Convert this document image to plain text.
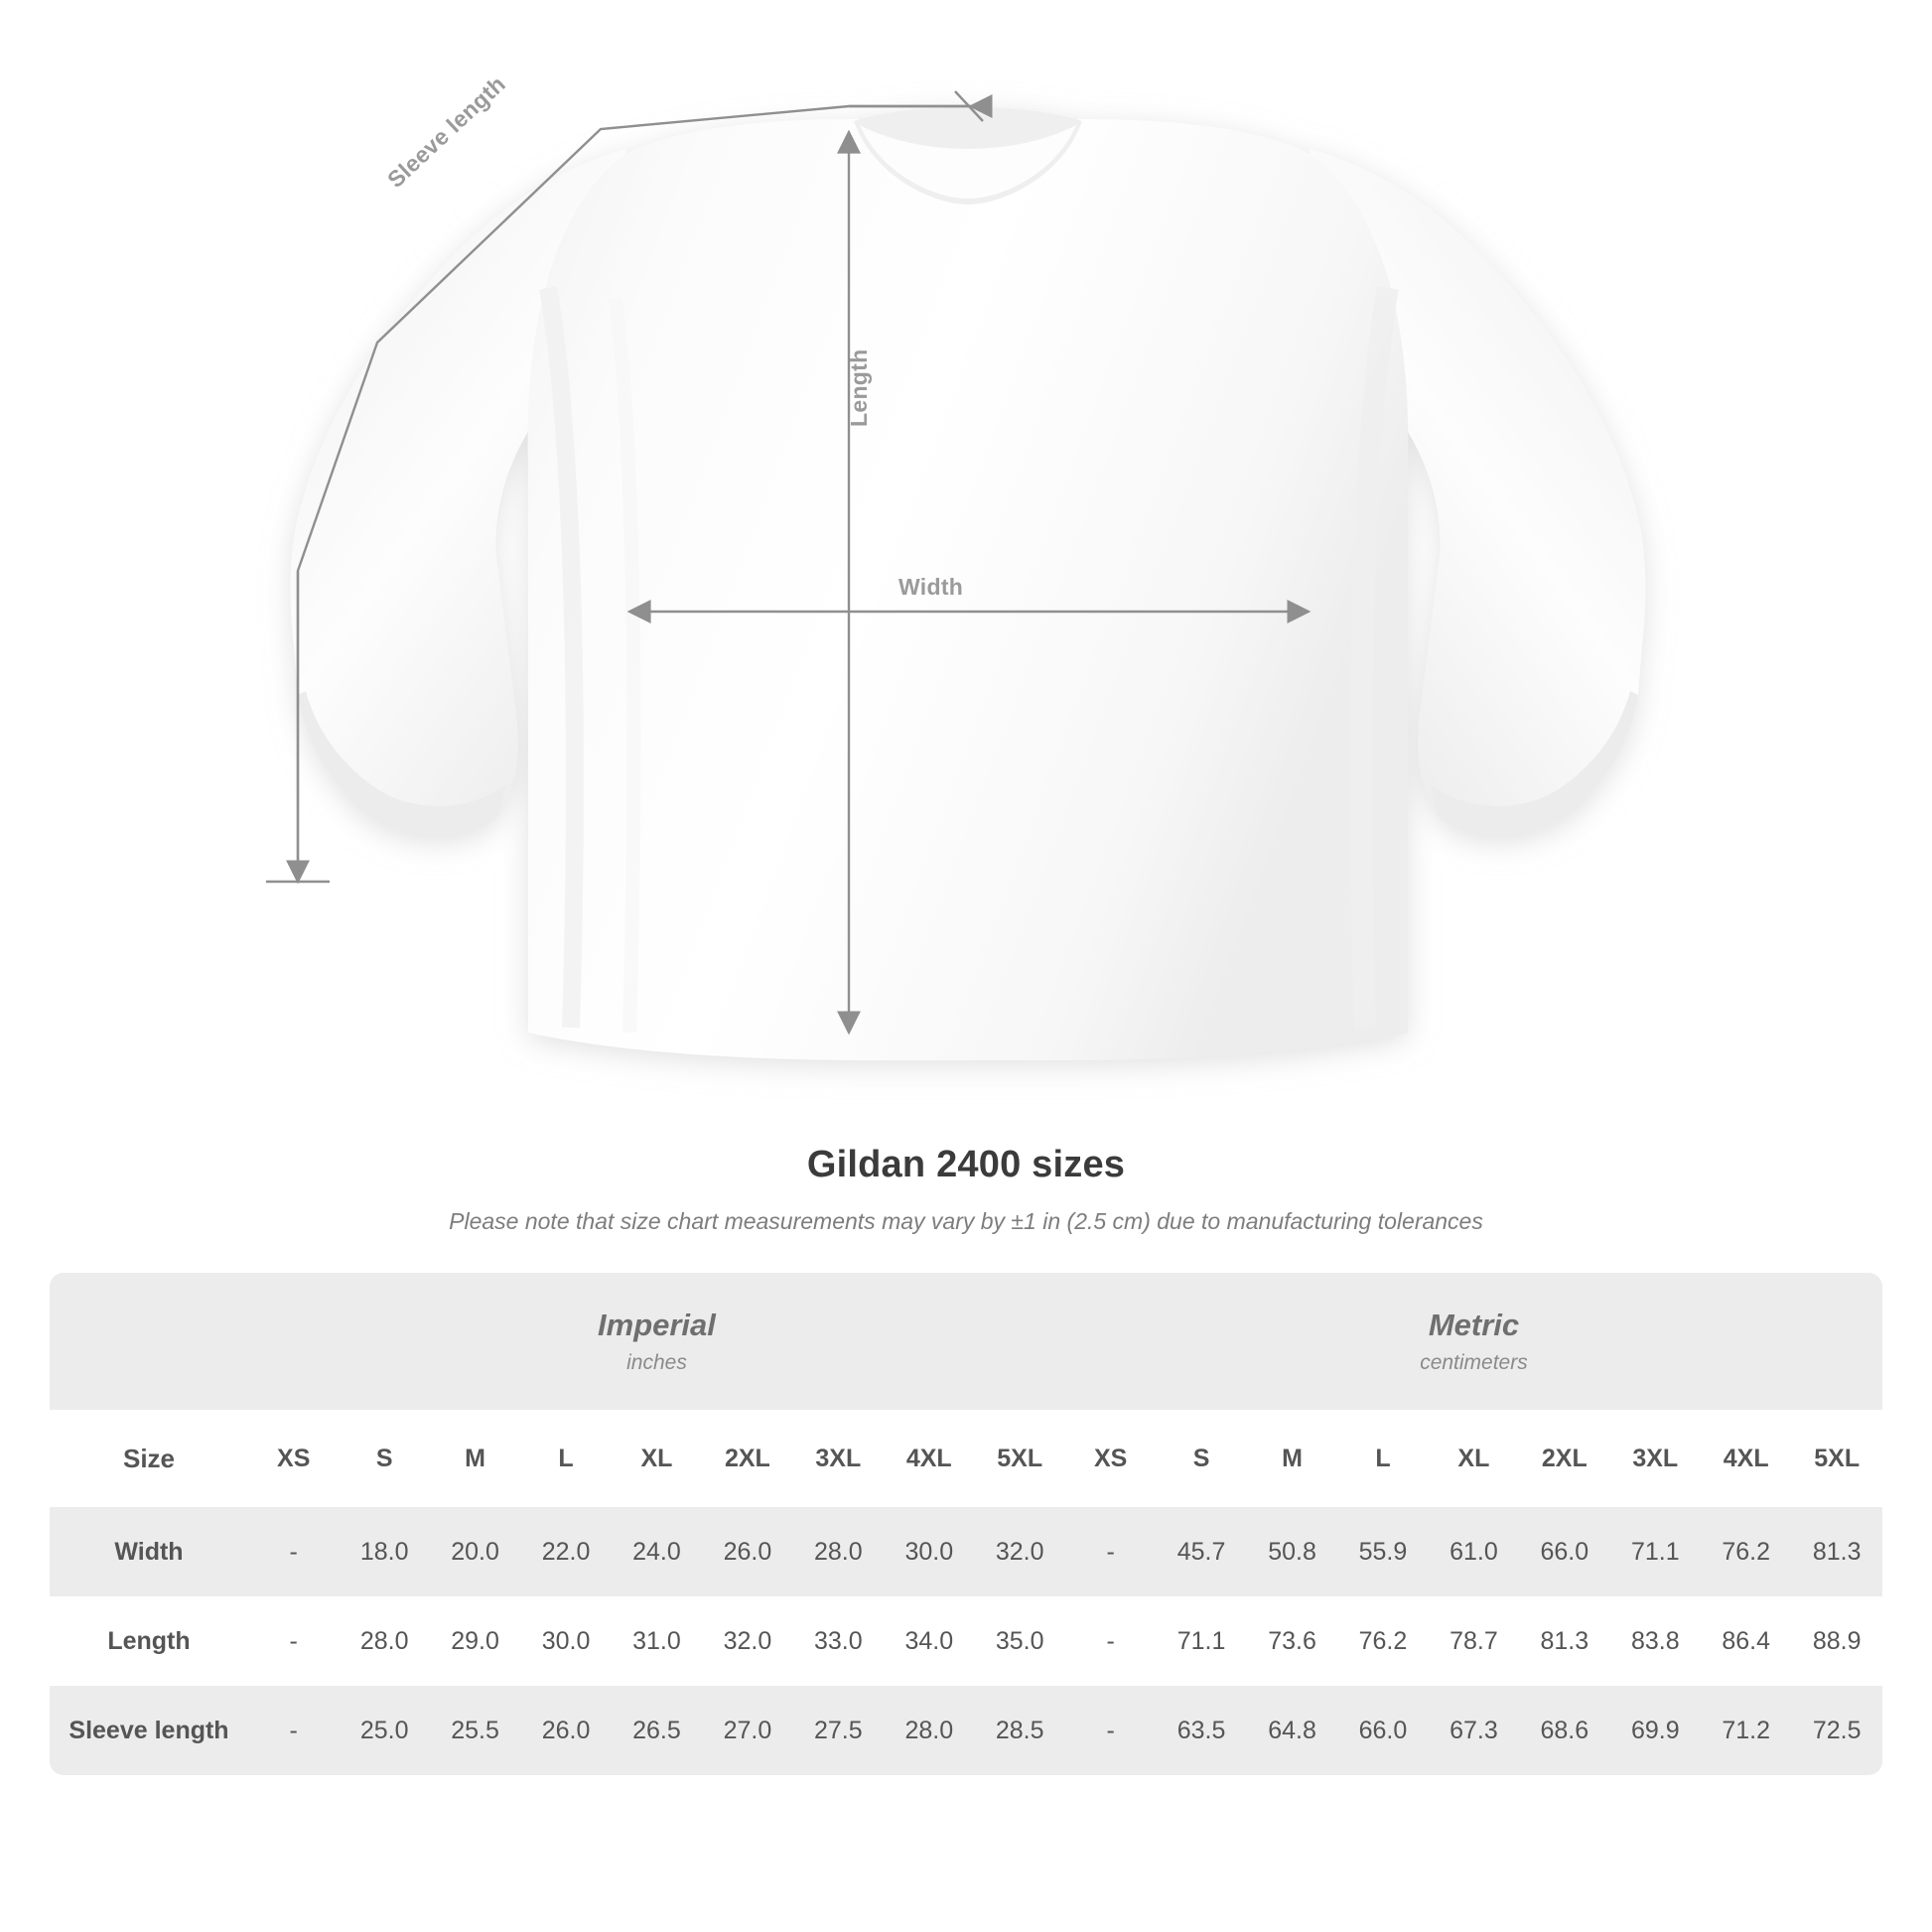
Width
Length
Sleeve length
Gildan 2400 sizes
Please note that size chart measurements may vary by ±1 in (2.5 cm) due to manufacturing tolerances

Imperial
inches

Metric
centimeters

Size	XS	S	M	L	XL	2XL	3XL	4XL	5XL	XS	S	M	L	XL	2XL	3XL	4XL	5XL
Width	-	18.0	20.0	22.0	24.0	26.0	28.0	30.0	32.0	-	45.7	50.8	55.9	61.0	66.0	71.1	76.2	81.3
Length	-	28.0	29.0	30.0	31.0	32.0	33.0	34.0	35.0	-	71.1	73.6	76.2	78.7	81.3	83.8	86.4	88.9
Sleeve length	-	25.0	25.5	26.0	26.5	27.0	27.5	28.0	28.5	-	63.5	64.8	66.0	67.3	68.6	69.9	71.2	72.5
